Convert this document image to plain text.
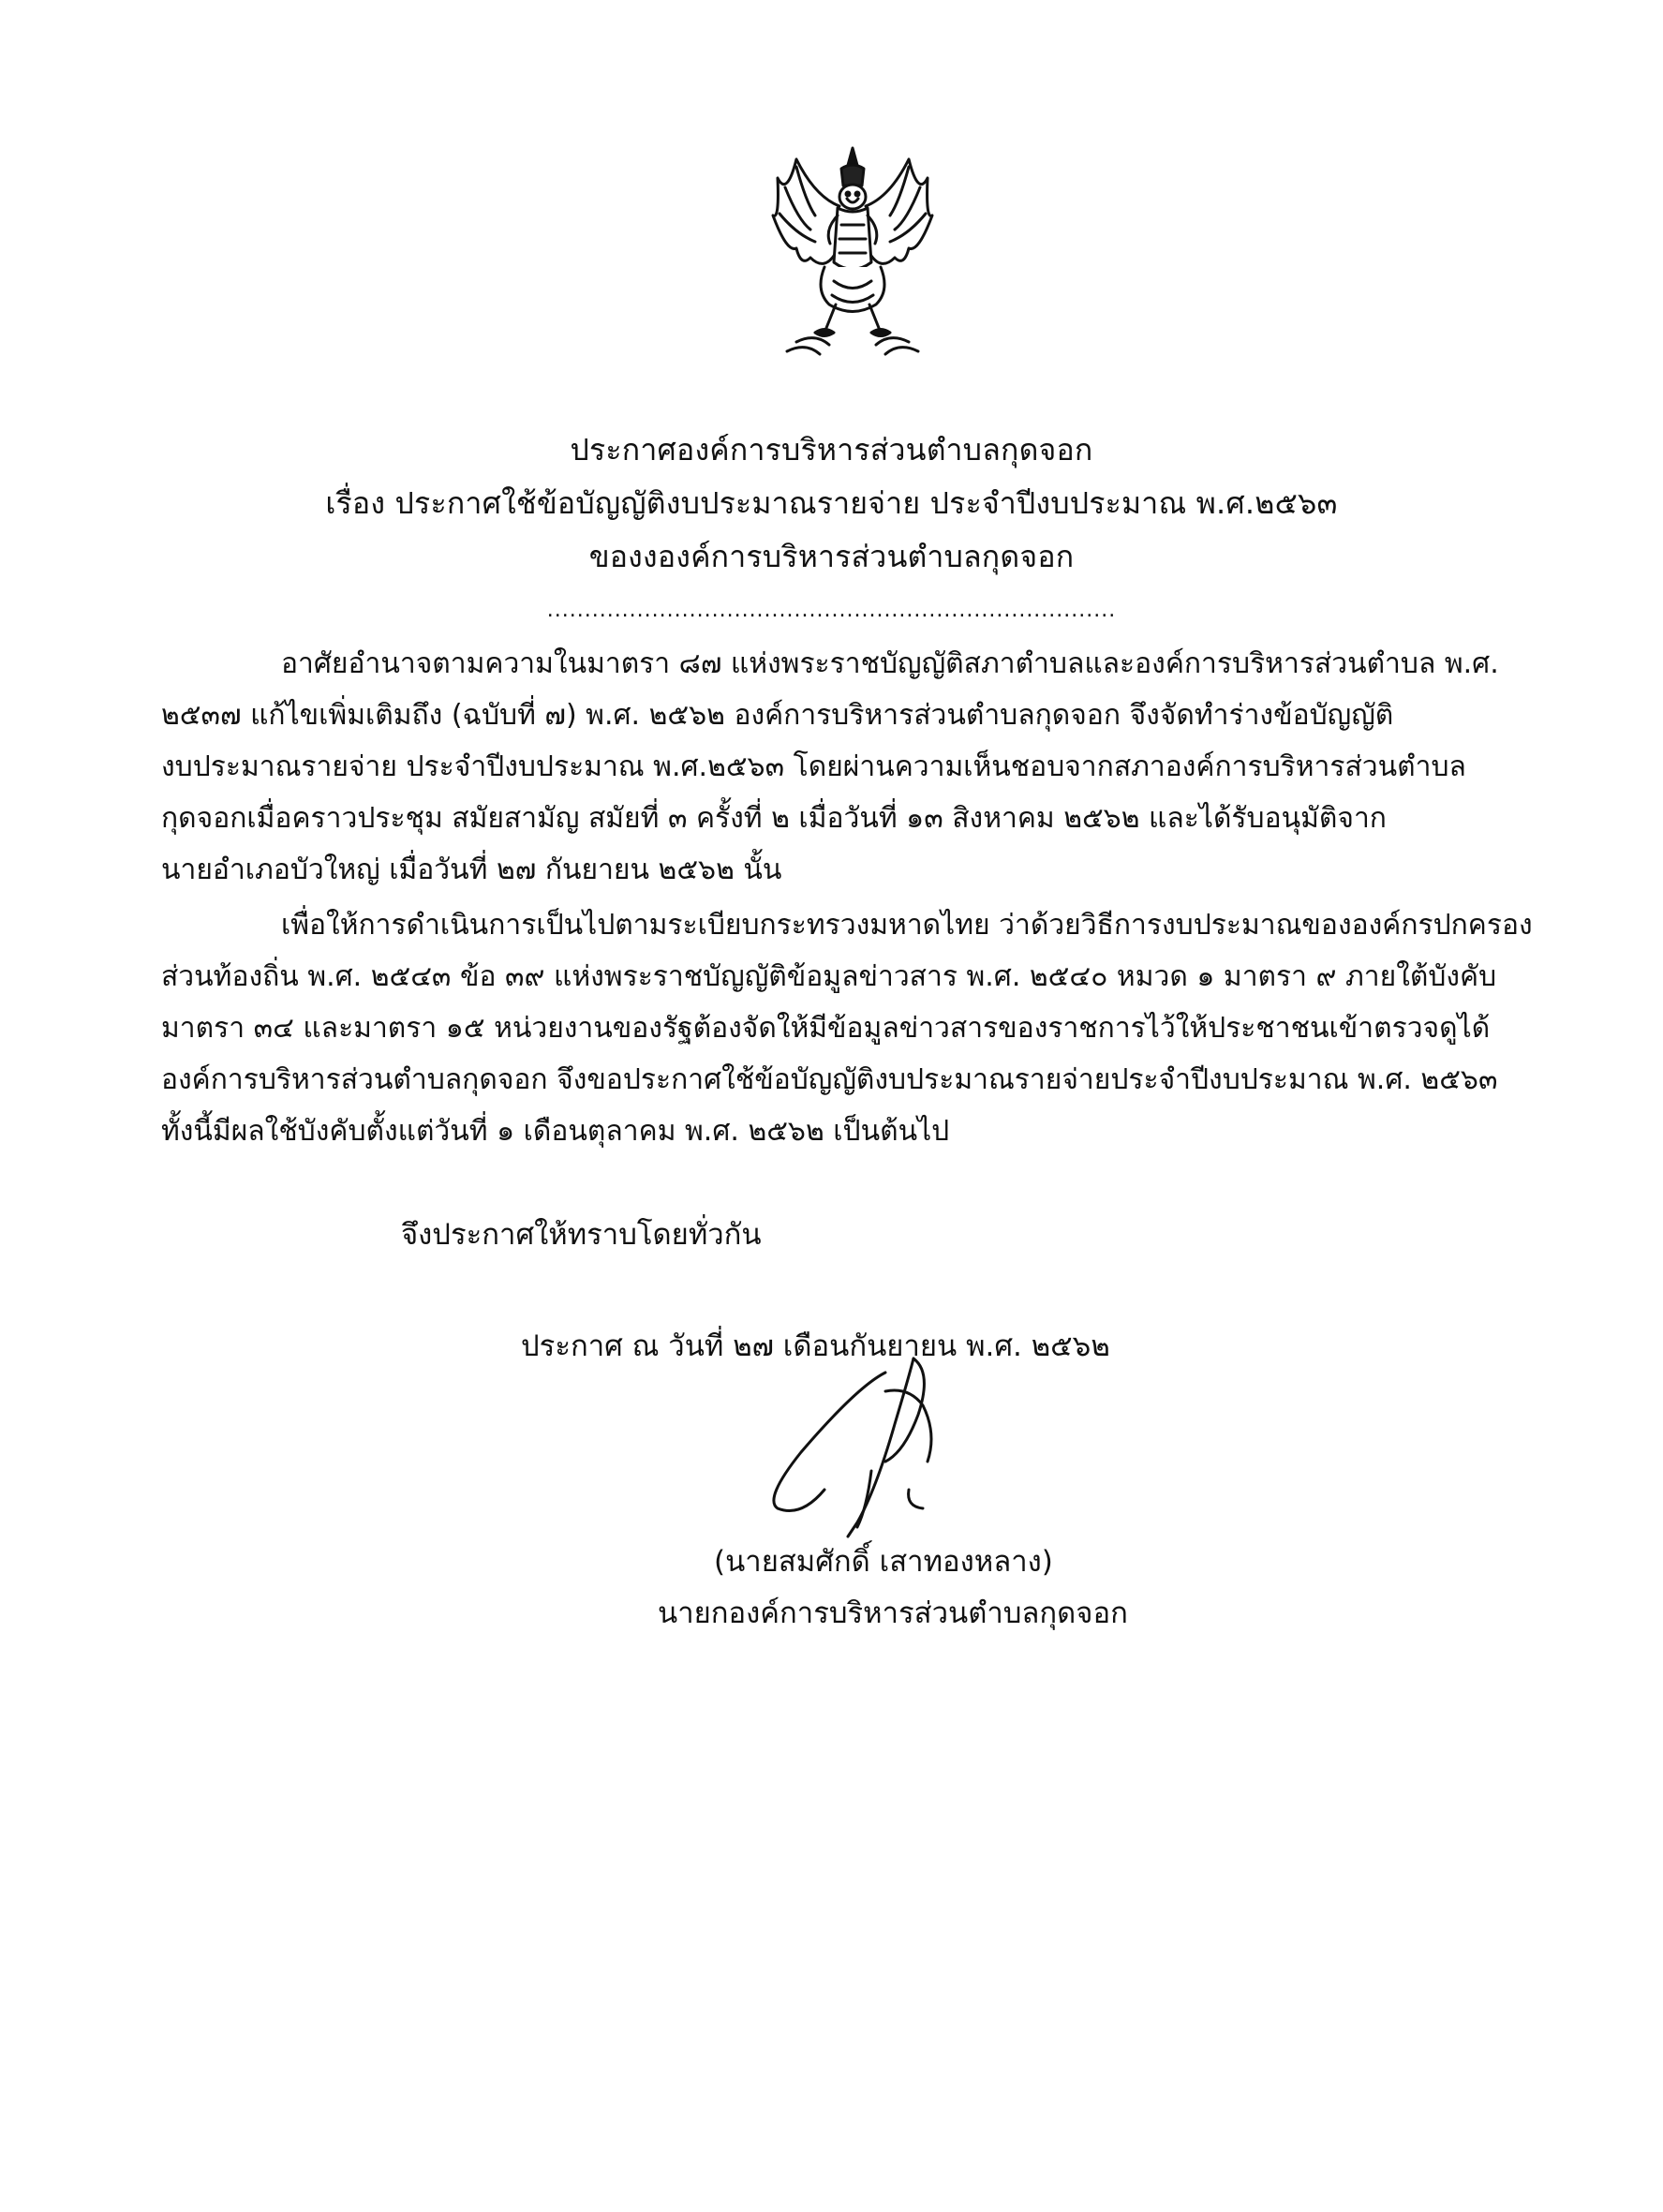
ประกาศองค์การบริหารส่วนตำบลกุดจอก
เรื่อง ประกาศใช้ข้อบัญญัติงบประมาณรายจ่าย ประจำปีงบประมาณ พ.ศ.๒๕๖๓
ของงองค์การบริหารส่วนตำบลกุดจอก
............................................................................
อาศัยอำนาจตามความในมาตรา ๘๗ แห่งพระราชบัญญัติสภาตำบลและองค์การบริหารส่วนตำบล พ.ศ.
๒๕๓๗ แก้ไขเพิ่มเติมถึง (ฉบับที่ ๗) พ.ศ. ๒๕๖๒ องค์การบริหารส่วนตำบลกุดจอก จึงจัดทำร่างข้อบัญญัติ
งบประมาณรายจ่าย ประจำปีงบประมาณ พ.ศ.๒๕๖๓ โดยผ่านความเห็นชอบจากสภาองค์การบริหารส่วนตำบล
กุดจอกเมื่อคราวประชุม สมัยสามัญ สมัยที่ ๓ ครั้งที่ ๒ เมื่อวันที่ ๑๓ สิงหาคม ๒๕๖๒ และได้รับอนุมัติจาก
นายอำเภอบัวใหญ่ เมื่อวันที่ ๒๗ กันยายน ๒๕๖๒ นั้น
เพื่อให้การดำเนินการเป็นไปตามระเบียบกระทรวงมหาดไทย ว่าด้วยวิธีการงบประมาณขององค์กรปกครอง
ส่วนท้องถิ่น พ.ศ. ๒๕๔๓ ข้อ ๓๙ แห่งพระราชบัญญัติข้อมูลข่าวสาร พ.ศ. ๒๕๔๐ หมวด ๑ มาตรา ๙ ภายใต้บังคับ
มาตรา ๓๔ และมาตรา ๑๕ หน่วยงานของรัฐต้องจัดให้มีข้อมูลข่าวสารของราชการไว้ให้ประชาชนเข้าตรวจดูได้
องค์การบริหารส่วนตำบลกุดจอก จึงขอประกาศใช้ข้อบัญญัติงบประมาณรายจ่ายประจำปีงบประมาณ พ.ศ. ๒๕๖๓
ทั้งนี้มีผลใช้บังคับตั้งแต่วันที่ ๑ เดือนตุลาคม พ.ศ. ๒๕๖๒ เป็นต้นไป
จึงประกาศให้ทราบโดยทั่วกัน
ประกาศ ณ วันที่ ๒๗ เดือนกันยายน พ.ศ. ๒๕๖๒
(นายสมศักดิ์ เสาทองหลาง)
นายกองค์การบริหารส่วนตำบลกุดจอก
